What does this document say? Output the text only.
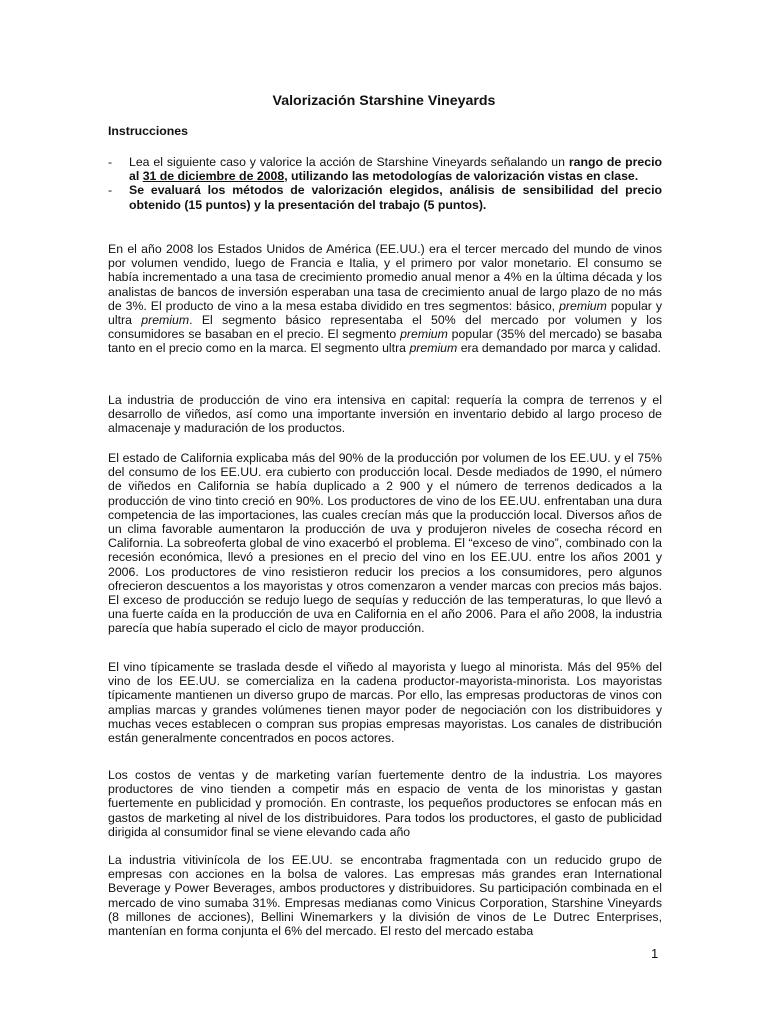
Valorización Starshine Vineyards
Instrucciones
- Lea el siguiente caso y valorice la acción de Starshine Vineyards señalando un rango de precio al 31 de diciembre de 2008, utilizando las metodologías de valorización vistas en clase.
- Se evaluará los métodos de valorización elegidos, análisis de sensibilidad del precio obtenido (15 puntos) y la presentación del trabajo (5 puntos).

En el año 2008 los Estados Unidos de América (EE.UU.) era el tercer mercado del mundo de vinos por volumen vendido, luego de Francia e Italia, y el primero por valor monetario. El consumo se había incrementado a una tasa de crecimiento promedio anual menor a 4% en la última década y los analistas de bancos de inversión esperaban una tasa de crecimiento anual de largo plazo de no más de 3%. El producto de vino a la mesa estaba dividido en tres segmentos: básico, premium popular y ultra premium. El segmento básico representaba el 50% del mercado por volumen y los consumidores se basaban en el precio. El segmento premium popular (35% del mercado) se basaba tanto en el precio como en la marca. El segmento ultra premium era demandado por marca y calidad.

La industria de producción de vino era intensiva en capital: requería la compra de terrenos y el desarrollo de viñedos, así como una importante inversión en inventario debido al largo proceso de almacenaje y maduración de los productos.

El estado de California explicaba más del 90% de la producción por volumen de los EE.UU. y el 75% del consumo de los EE.UU. era cubierto con producción local. Desde mediados de 1990, el número de viñedos en California se había duplicado a 2 900 y el número de terrenos dedicados a la producción de vino tinto creció en 90%. Los productores de vino de los EE.UU. enfrentaban una dura competencia de las importaciones, las cuales crecían más que la producción local. Diversos años de un clima favorable aumentaron la producción de uva y produjeron niveles de cosecha récord en California. La sobreoferta global de vino exacerbó el problema. El “exceso de vino”, combinado con la recesión económica, llevó a presiones en el precio del vino en los EE.UU. entre los años 2001 y 2006. Los productores de vino resistieron reducir los precios a los consumidores, pero algunos ofrecieron descuentos a los mayoristas y otros comenzaron a vender marcas con precios más bajos. El exceso de producción se redujo luego de sequías y reducción de las temperaturas, lo que llevó a una fuerte caída en la producción de uva en California en el año 2006. Para el año 2008, la industria parecía que había superado el ciclo de mayor producción.

El vino típicamente se traslada desde el viñedo al mayorista y luego al minorista. Más del 95% del vino de los EE.UU. se comercializa en la cadena productor-mayorista-minorista. Los mayoristas típicamente mantienen un diverso grupo de marcas. Por ello, las empresas productoras de vinos con amplias marcas y grandes volúmenes tienen mayor poder de negociación con los distribuidores y muchas veces establecen o compran sus propias empresas mayoristas. Los canales de distribución están generalmente concentrados en pocos actores.

Los costos de ventas y de marketing varían fuertemente dentro de la industria. Los mayores productores de vino tienden a competir más en espacio de venta de los minoristas y gastan fuertemente en publicidad y promoción. En contraste, los pequeños productores se enfocan más en gastos de marketing al nivel de los distribuidores. Para todos los productores, el gasto de publicidad dirigida al consumidor final se viene elevando cada año

La industria vitivinícola de los EE.UU. se encontraba fragmentada con un reducido grupo de empresas con acciones en la bolsa de valores. Las empresas más grandes eran International Beverage y Power Beverages, ambos productores y distribuidores. Su participación combinada en el mercado de vino sumaba 31%. Empresas medianas como Vinicus Corporation, Starshine Vineyards (8 millones de acciones), Bellini Winemarkers y la división de vinos de Le Dutrec Enterprises, mantenían en forma conjunta el 6% del mercado. El resto del mercado estaba

1
